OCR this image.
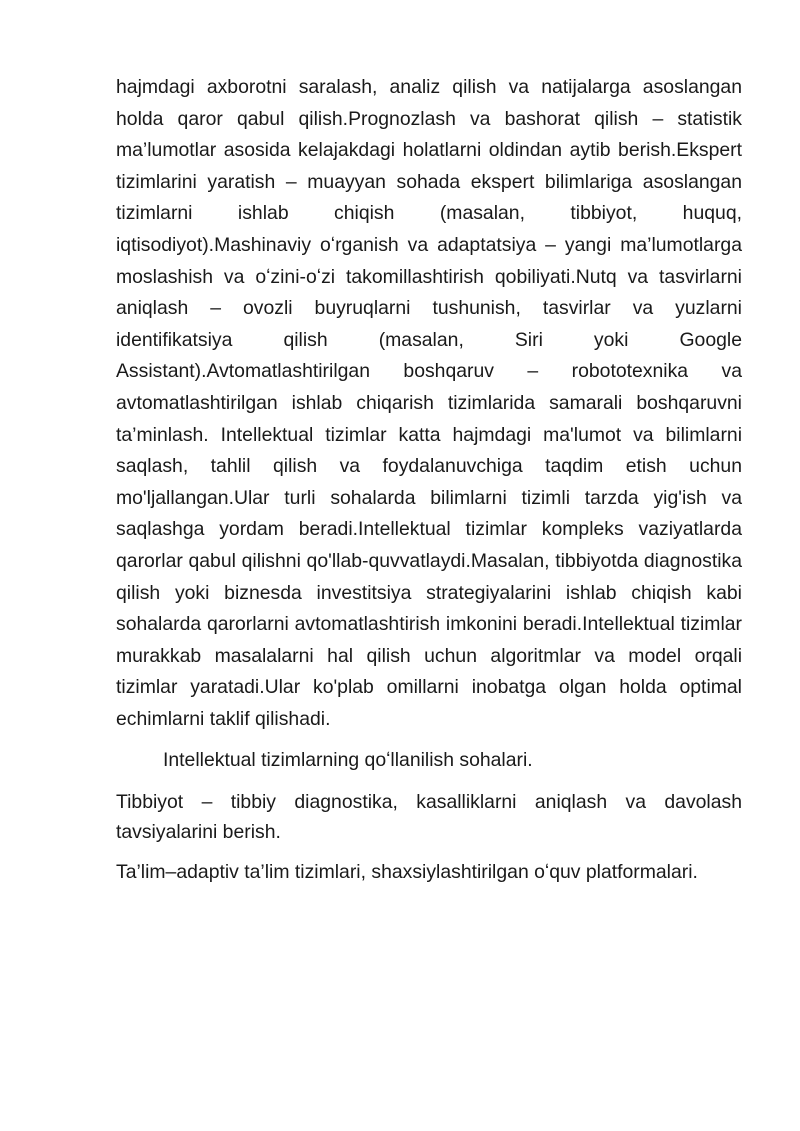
hajmdagi axborotni saralash, analiz qilish va natijalarga asoslangan holda qaror qabul qilish.Prognozlash va bashorat qilish – statistik ma’lumotlar asosida kelajakdagi holatlarni oldindan aytib berish.Ekspert tizimlarini yaratish – muayyan sohada ekspert bilimlariga asoslangan tizimlarni ishlab chiqish (masalan, tibbiyot, huquq, iqtisodiyot).Mashinaviy oʻrganish va adaptatsiya – yangi ma’lumotlarga moslashish va oʻzini-oʻzi takomillashtirish qobiliyati.Nutq va tasvirlarni aniqlash – ovozli buyruqlarni tushunish, tasvirlar va yuzlarni identifikatsiya qilish (masalan, Siri yoki Google Assistant).Avtomatlashtirilgan boshqaruv – robototexnika va avtomatlashtirilgan ishlab chiqarish tizimlarida samarali boshqaruvni ta’minlash. Intellektual tizimlar katta hajmdagi ma'lumot va bilimlarni saqlash, tahlil qilish va foydalanuvchiga taqdim etish uchun mo'ljallangan.Ular turli sohalarda bilimlarni tizimli tarzda yig'ish va saqlashga yordam beradi.Intellektual tizimlar kompleks vaziyatlarda qarorlar qabul qilishni qo'llab-quvvatlaydi.Masalan, tibbiyotda diagnostika qilish yoki biznesda investitsiya strategiyalarini ishlab chiqish kabi sohalarda qarorlarni avtomatlashtirish imkonini beradi.Intellektual tizimlar murakkab masalalarni hal qilish uchun algoritmlar va model orqali tizimlar yaratadi.Ular ko'plab omillarni inobatga olgan holda optimal echimlarni taklif qilishadi.

Intellektual tizimlarning qoʻllanilish sohalari.

Tibbiyot – tibbiy diagnostika, kasalliklarni aniqlash va davolash tavsiyalarini berish.

Ta’lim–adaptiv ta’lim tizimlari, shaxsiylashtirilgan oʻquv platformalari.
